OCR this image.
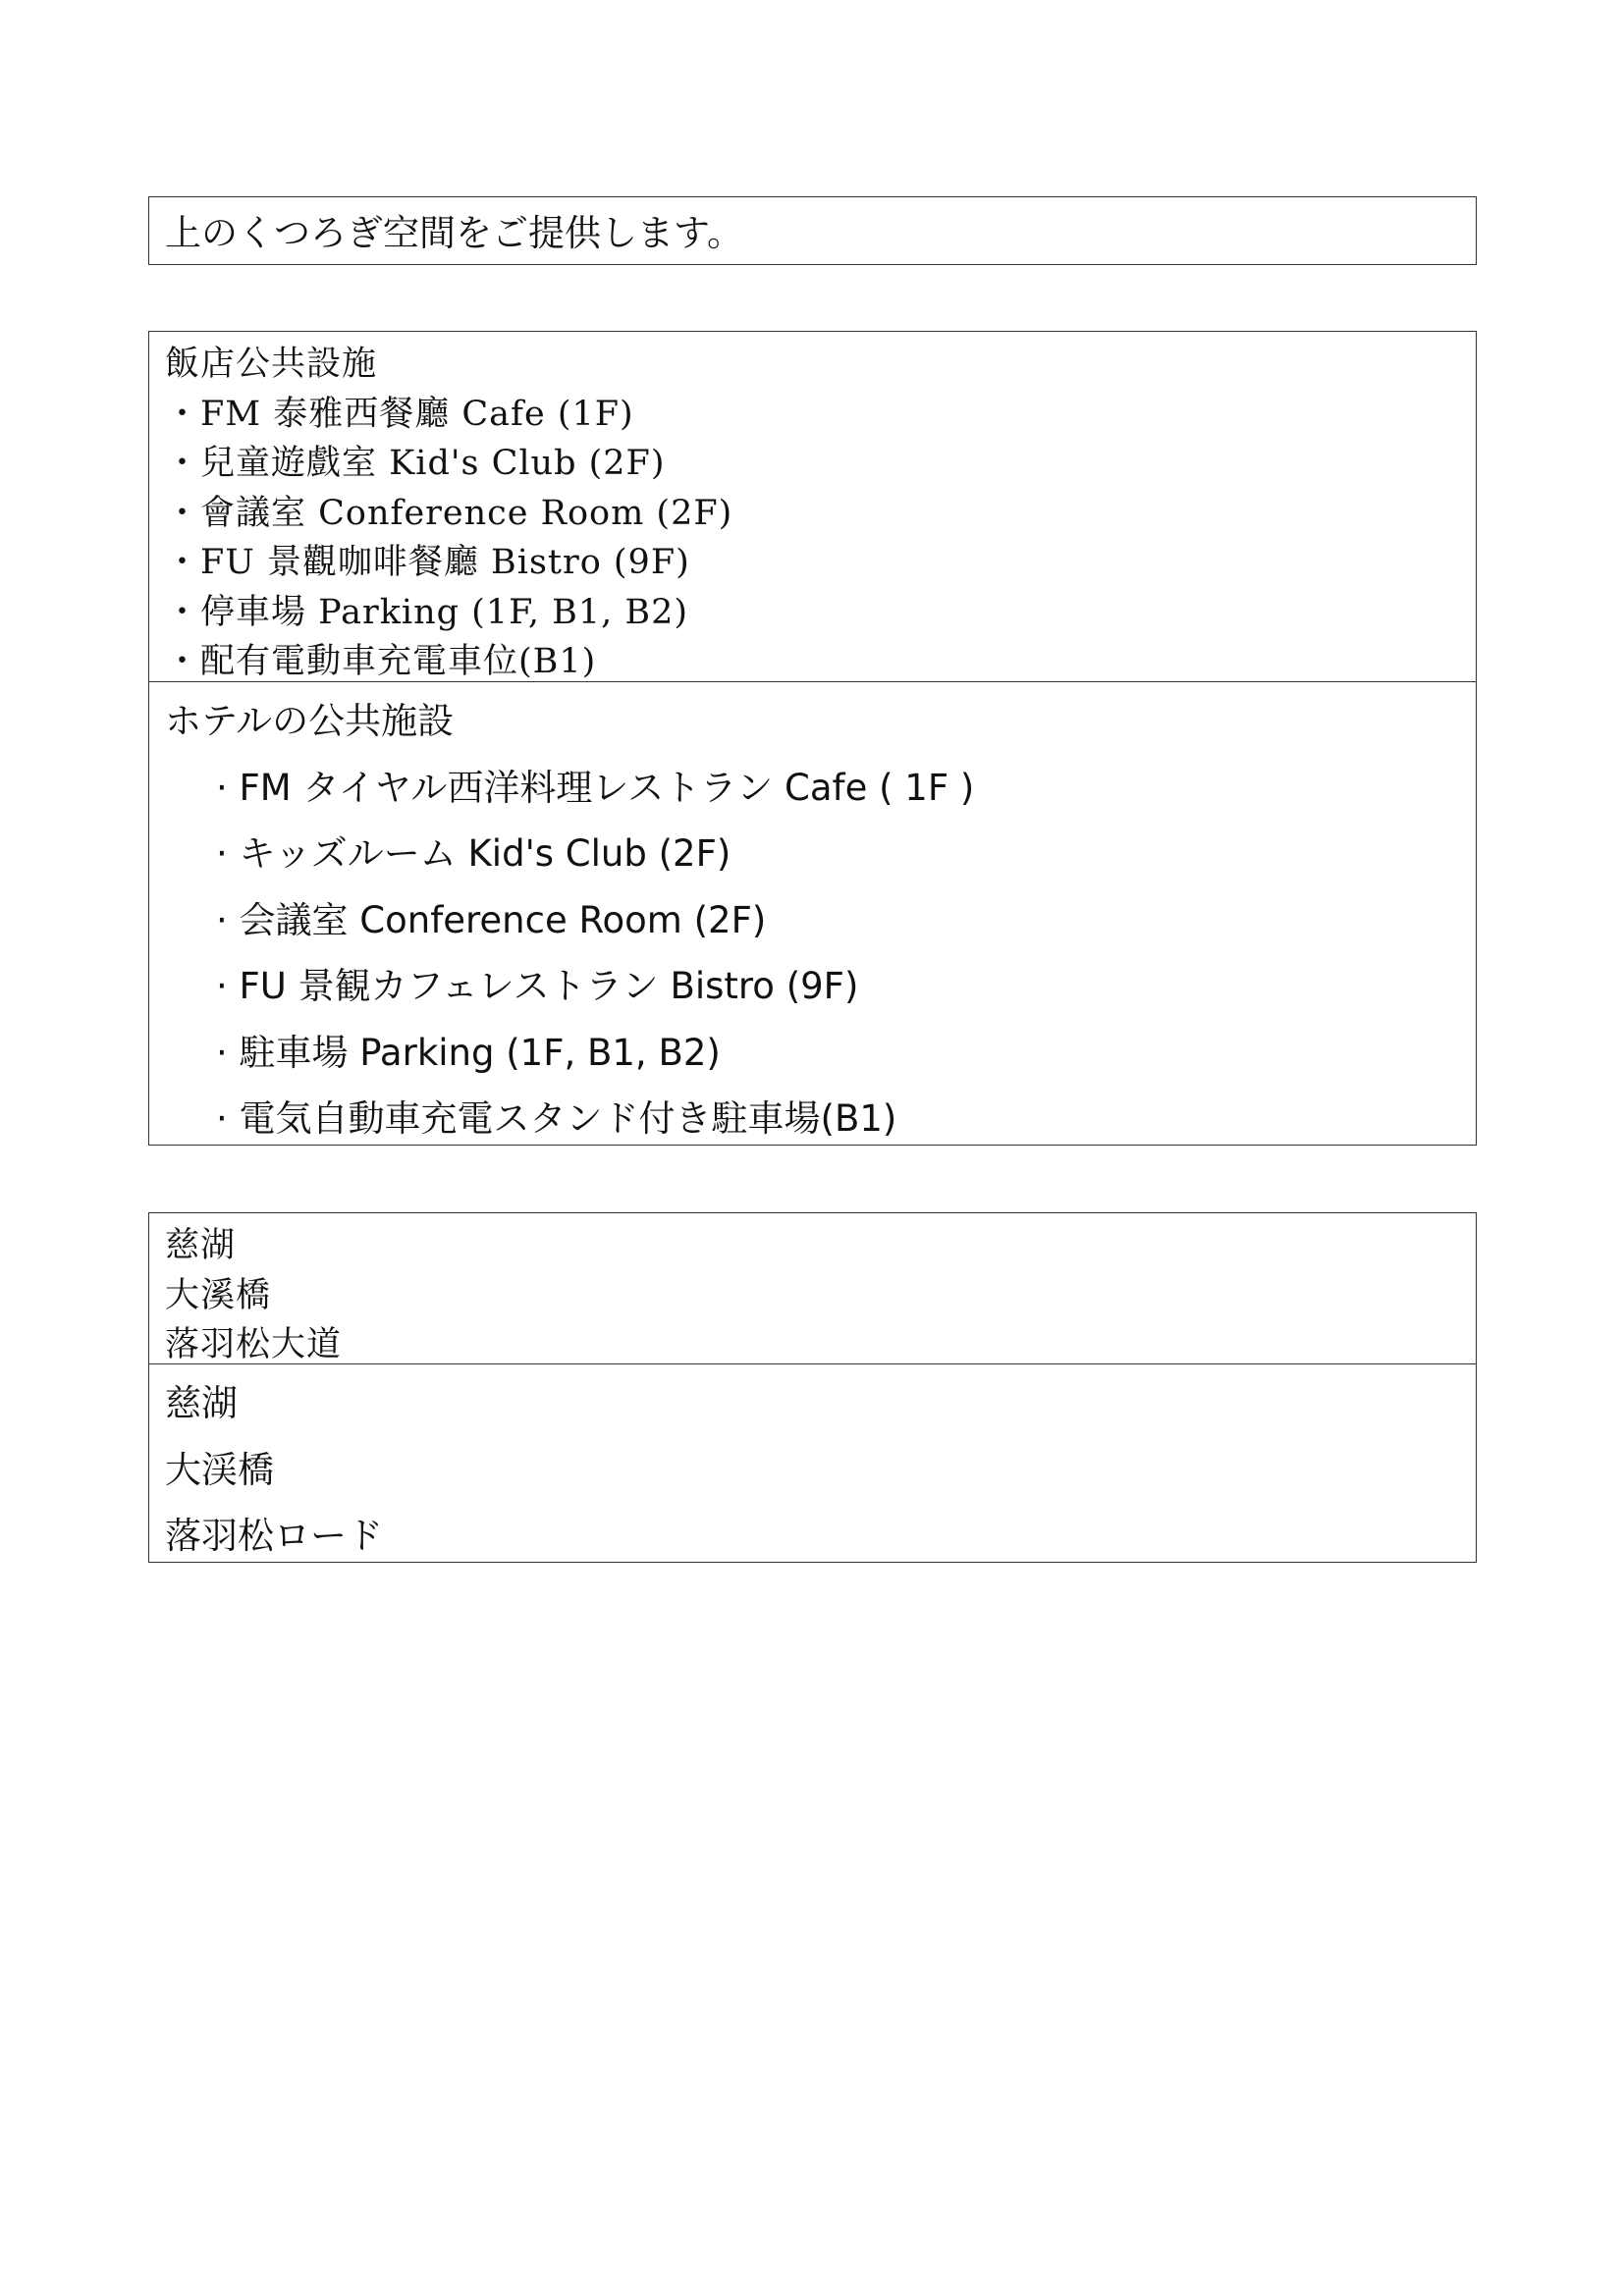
上のくつろぎ空間をご提供します。
飯店公共設施
・FM 泰雅西餐廳 Cafe (1F)
・兒童遊戲室 Kid's Club (2F)
・會議室 Conference Room (2F)
・FU 景觀咖啡餐廳 Bistro (9F)
・停車場 Parking (1F, B1, B2)
・配有電動車充電車位(B1)
ホテルの公共施設
· FM タイヤル西洋料理レストラン Cafe ( 1F )
· キッズルーム Kid's Club (2F)
· 会議室 Conference Room (2F)
· FU 景観カフェレストラン Bistro (9F)
· 駐車場 Parking (1F, B1, B2)
· 電気自動車充電スタンド付き駐車場(B1)
慈湖
大溪橋
落羽松大道
慈湖
大渓橋
落羽松ロード
